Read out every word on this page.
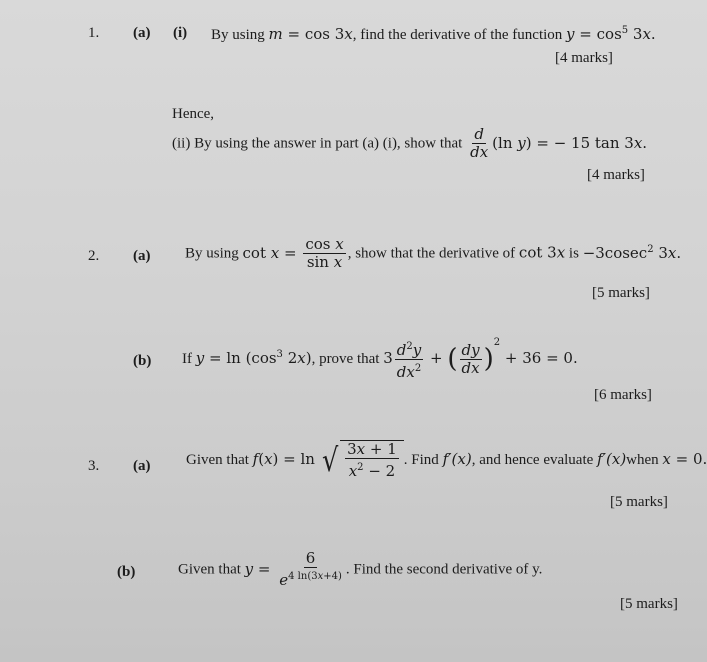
1. (a) (i) By using m = cos 3x, find the derivative of the function $y = \cos^5 3x$.
[4 marks]
Hence,
(ii) By using the answer in part (a) (i), show that $\frac{d}{dx} (\ln$ y) = − 15 tan 3x.
[4 marks]
2. (a) By using $\cot x = \frac{\text{cos x}}{\text{sin x}}$ , show that the derivative of cot 3x is −3cosec$^2$ 3x.
[5 marks]
(b) If $y = \ln (\cos^3$ 2x), prove that $3 \frac{d^2y}{dx^2}$ + ( $\frac{dy}{dx} )^2 + 36 = 0$.
[6 marks]
3. (a) Given that f(x) = ln √ $\frac{3x + 1}{x^2 - 2}$ . Find f′(x), and hence evaluate f′(x)when x = 0.
[5 marks]
(b)	Given that $y = \frac{6}{e^{4 ln(3x+4)}}$ . Find the second derivative of y.
[5 marks]
